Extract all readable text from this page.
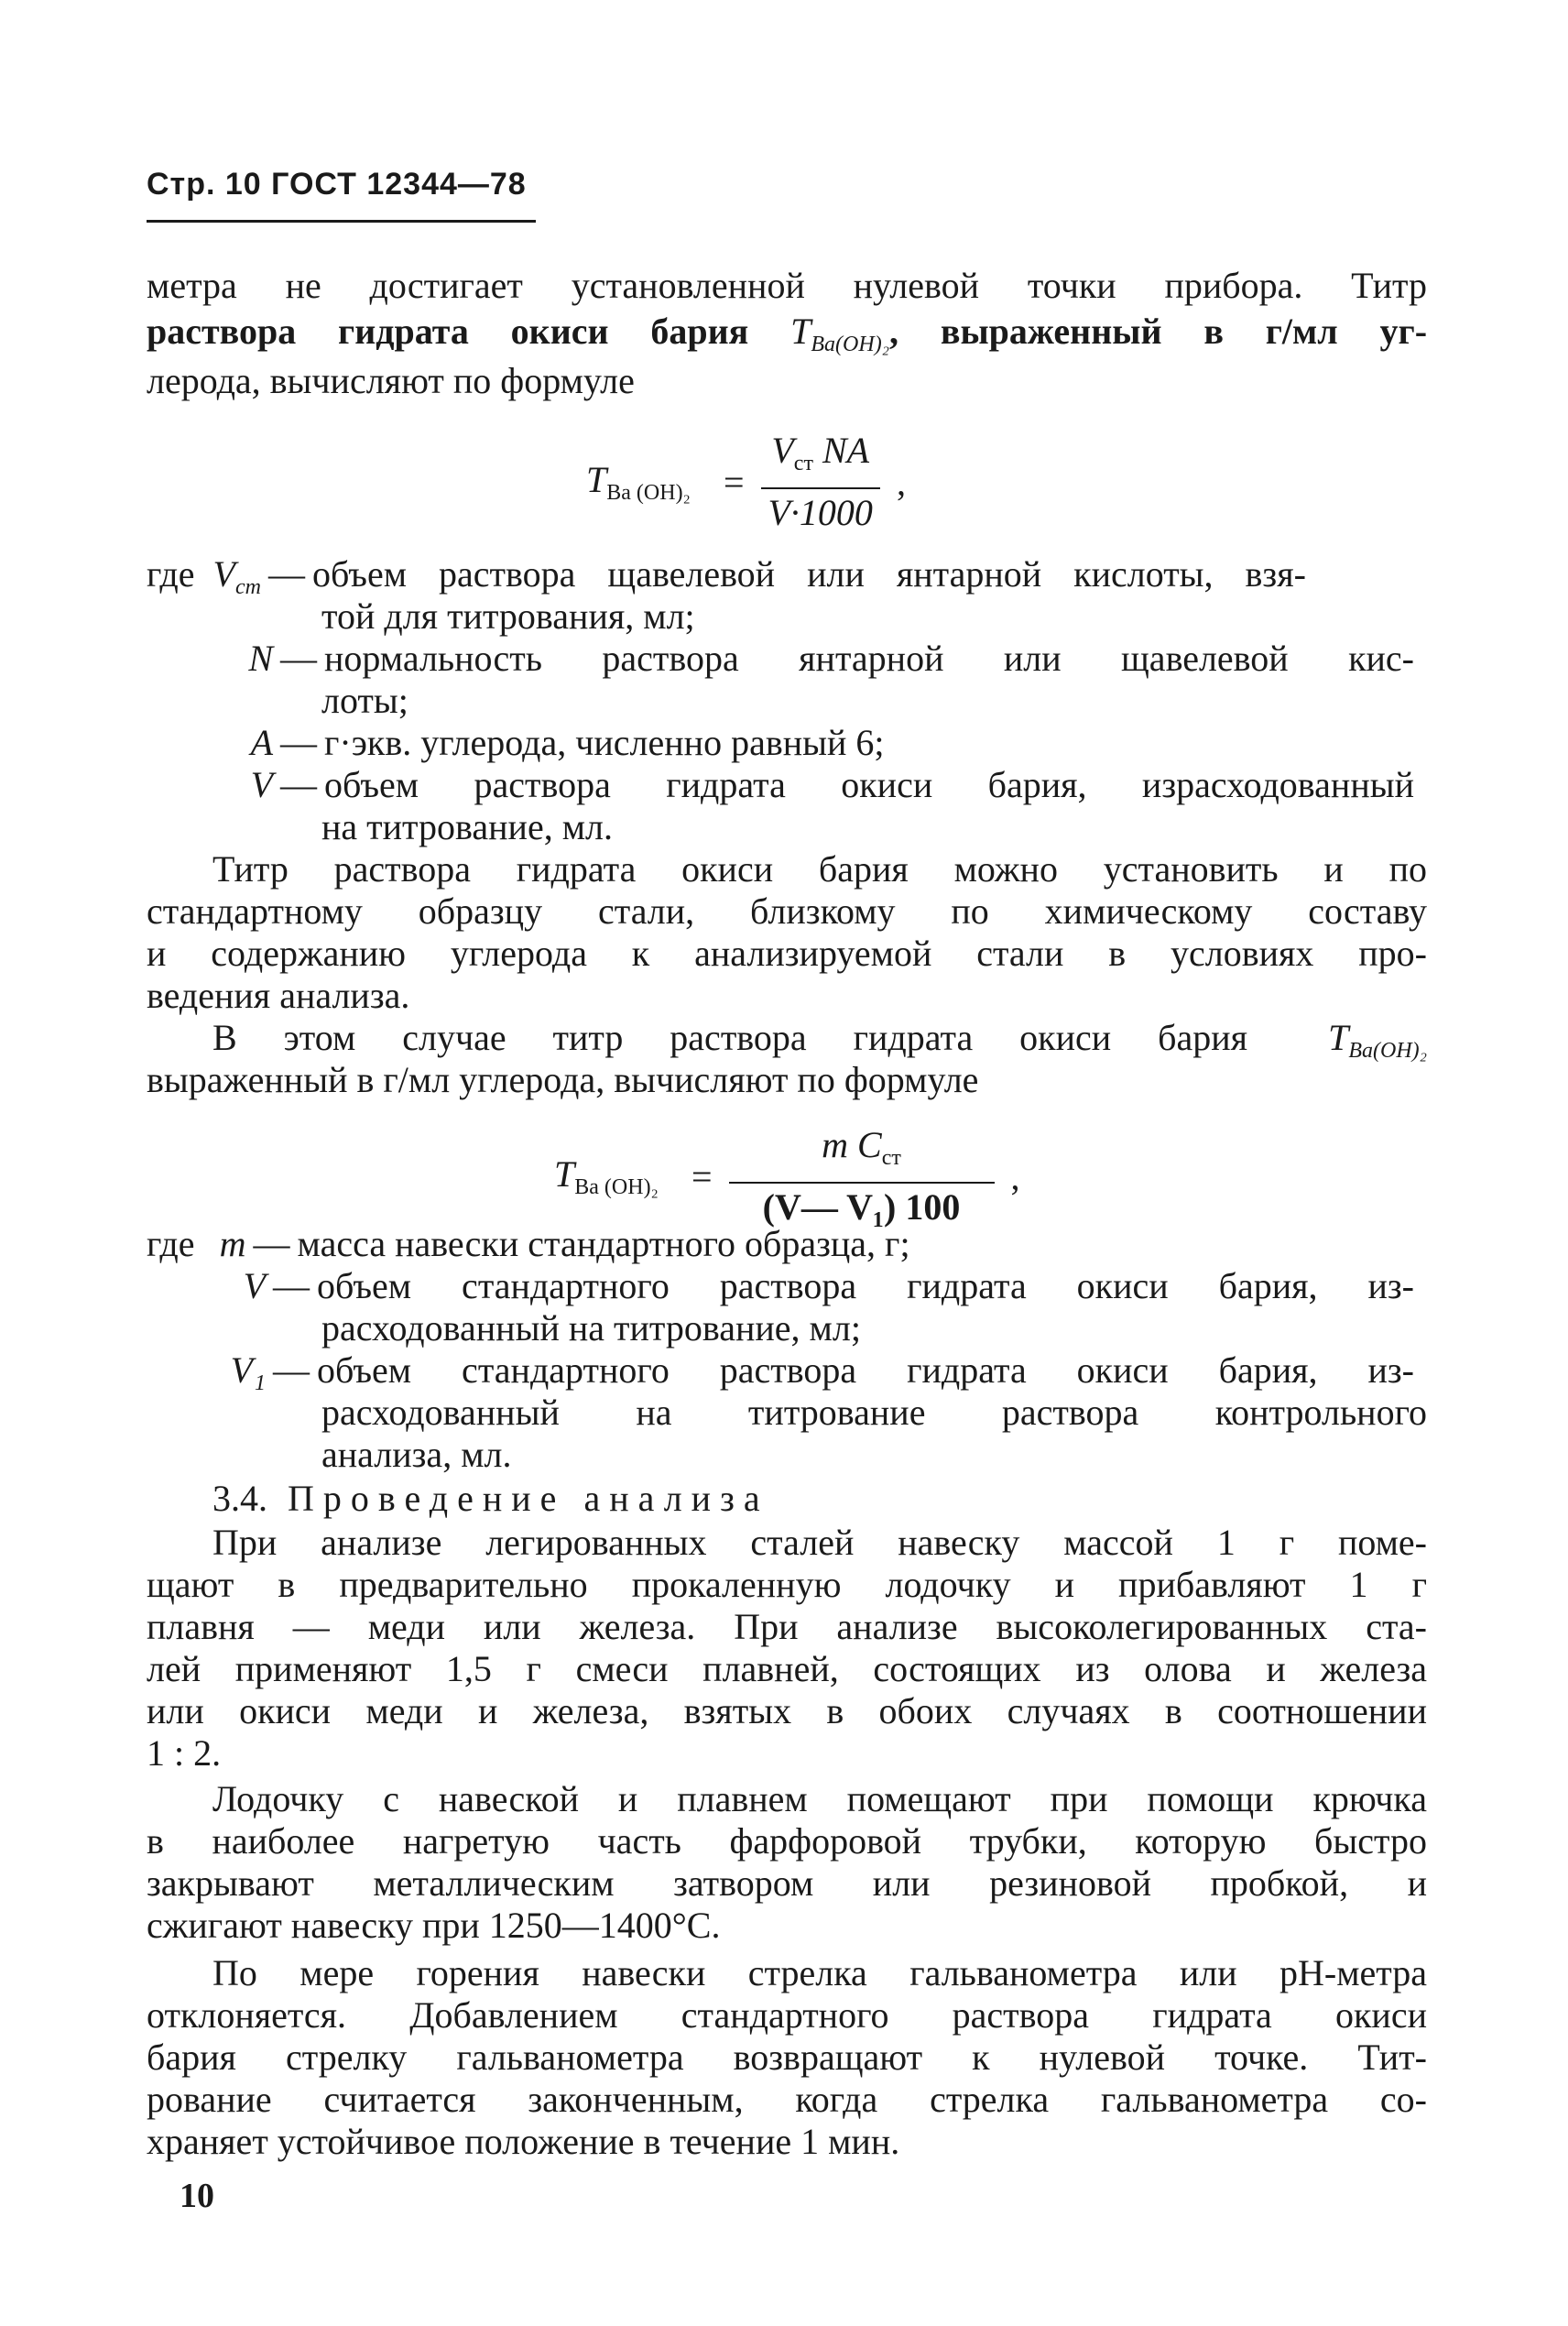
Стр. 10 ГОСТ 12344—78
метра не достигает установленной нулевой точки прибора. Титр
раствора гидрата окиси бария $T_{Ba(OH)_2}$, выраженный в г/мл уг-
лерода, вычисляют по формуле
$T_{Ba (OH)_2} = \frac{V_{ст} NA}{V\cdot 1000}$ ,
где $V_{ст}$ — объем раствора щавелевой или янтарной кислоты, взя-
той для титрования, мл;
N — нормальность раствора янтарной или щавелевой кис-
лоты;
A — г·экв. углерода, численно равный 6;
V — объем раствора гидрата окиси бария, израсходованный
на титрование, мл.
Титр раствора гидрата окиси бария можно установить и по
стандартному образцу стали, близкому по химическому составу
и содержанию углерода к анализируемой стали в условиях про-
ведения анализа.
В этом случае титр раствора гидрата окиси бария $T_{Ba(OH)_2}$
выраженный в г/мл углерода, вычисляют по формуле
$T_{Ba (OH)_2} = \frac{m C_{ст}}{\text{(V— V₁) 100}}$ ,
где m — масса навески стандартного образца, г;
V — объем стандартного раствора гидрата окиси бария, из-
расходованный на титрование, мл;
V₁ — объем стандартного раствора гидрата окиси бария, из-
расходованный на титрование раствора контрольного
анализа, мл.
3.4. Проведение анализа
При анализе легированных сталей навеску массой 1 г поме-
щают в предварительно прокаленную лодочку и прибавляют 1 г
плавня — меди или железа. При анализе высоколегированных ста-
лей применяют 1,5 г смеси плавней, состоящих из олова и железа
или окиси меди и железа, взятых в обоих случаях в соотношении
1 : 2.
Лодочку с навеской и плавнем помещают при помощи крючка
в наиболее нагретую часть фарфоровой трубки, которую быстро
закрывают металлическим затвором или резиновой пробкой, и
сжигают навеску при 1250—1400°С.
По мере горения навески стрелка гальванометра или pH-метра
отклоняется. Добавлением стандартного раствора гидрата окиси
бария стрелку гальванометра возвращают к нулевой точке. Тит-
рование считается законченным, когда стрелка гальванометра со-
храняет устойчивое положение в течение 1 мин.
10
